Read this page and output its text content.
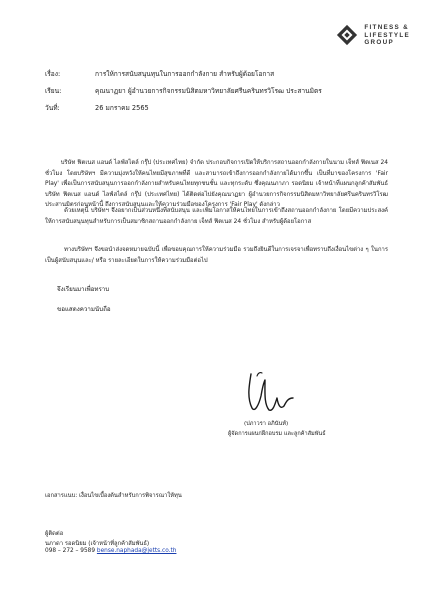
FITNESS &
LIFESTYLE
GROUP
เรื่อง:	การให้การสนับสนุนทุนในการออกกำลังกาย สำหรับผู้ด้อยโอกาส
เรียน:	คุณนาฏยา ผู้อำนวยการกิจกรรมนิสิตมหาวิทยาลัยศรีนครินทรวิโรฒ ประสานมิตร
วันที่:	26 มกราคม 2565

บริษัท ฟิตเนส แอนด์ ไลฟ์สไตล์ กรุ๊ป (ประเทศไทย) จำกัด ประกอบกิจการเปิดให้บริการสถานออกกำลังกายในนาม เจ็ทส์ ฟิตเนส 24 ชั่วโมง โดยบริษัทฯ มีความมุ่งหวังให้คนไทยมีสุขภาพที่ดี และสามารถเข้าถึงการออกกำลังกายได้มากขึ้น เป็นที่มาของโครงการ 'Fair Play' เพื่อเป็นการสนับสนุนการออกกำลังกายสำหรับคนไทยทุกชนชั้น และทุกระดับ ซึ่งคุณนภาภา รอดนิยม เจ้าหน้าที่แผนกลูกค้าสัมพันธ์ บริษัท ฟิตเนส แอนด์ ไลฟ์สไตล์ กรุ๊ป (ประเทศไทย) ได้ติดต่อไปยังคุณนาฏยา ผู้อำนวยการกิจกรรมนิสิตมหาวิทยาลัยศรีนครินทรวิโรฒ ประสานมิตรก่อนหน้านี้ ถึงการสนับสนุนและให้ความร่วมมือของโครงการ 'Fair Play' ดังกล่าว

ด้วยเหตุนี้ บริษัทฯ จึงอยากเป็นส่วนหนึ่งที่สนับสนุน และเพิ่มโอกาสให้คนไทยในการเข้าถึงสถานออกกำลังกาย โดยมีความประสงค์ให้การสนับสนุนทุนสำหรับการเป็นสมาชิกสถานออกกำลังกาย เจ็ทส์ ฟิตเนส 24 ชั่วโมง สำหรับผู้ด้อยโอกาส

ทางบริษัทฯ จึงขอนำส่งจดหมายฉบับนี้ เพื่อขอบคุณการให้ความร่วมมือ รวมถึงยินดีในการเจรจาเพื่อทราบถึงเงื่อนไขต่าง ๆ ในการเป็นผู้สนับสนุนและ/ หรือ รายละเอียดในการให้ความร่วมมือต่อไป

จึงเรียนมาเพื่อทราบ
ขอแสดงความนับถือ
(ปภาวรา อภินันท์)
ผู้จัดการแผนกฝึกอบรม และลูกค้าสัมพันธ์
เอกสารแนบ: เงื่อนไขเบื้องต้นสำหรับการพิจารณาให้ทุน
ผู้ติดต่อ
นภาดา รอดนิยม (เจ้าหน้าที่ลูกค้าสัมพันธ์)
098 – 272 – 9589 bense.naphada@jetts.co.th
